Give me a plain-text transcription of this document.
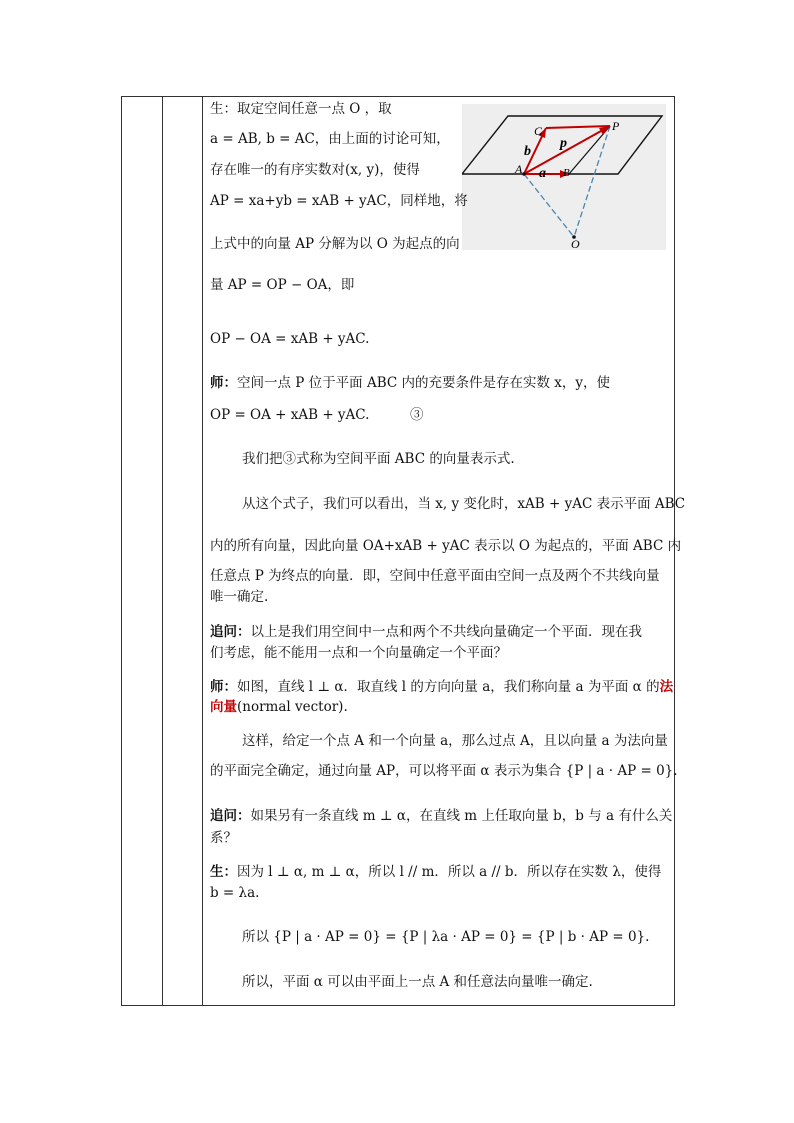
C	P
b
p
A a B
O
生：取定空间任意一点 O ，取
a = AB, b = AC，由上面的讨论可知，
存在唯一的有序实数对(x, y)，使得
AP = xa+yb = xAB + yAC，同样地，将
上式中的向量 AP 分解为以 O 为起点的向
量 AP = OP − OA，即
OP − OA = xAB + yAC.
师：空间一点 P 位于平面 ABC 内的充要条件是存在实数 x，y，使
OP = OA + xAB + yAC.　　　③
我们把③式称为空间平面 ABC 的向量表示式.
从这个式子，我们可以看出，当 x, y 变化时，xAB + yAC 表示平面 ABC
内的所有向量，因此向量 OA+xAB + yAC 表示以 O 为起点的，平面 ABC 内
任意点 P 为终点的向量．即，空间中任意平面由空间一点及两个不共线向量
唯一确定.
追问：以上是我们用空间中一点和两个不共线向量确定一个平面．现在我
们考虑，能不能用一点和一个向量确定一个平面？
师：如图，直线 l ⊥ α．取直线 l 的方向向量 a，我们称向量 a 为平面 α 的法
向量(normal vector).
这样，给定一个点 A 和一个向量 a，那么过点 A，且以向量 a 为法向量
的平面完全确定，通过向量 AP，可以将平面 α 表示为集合 {P | a · AP = 0}.
追问：如果另有一条直线 m ⊥ α，在直线 m 上任取向量 b，b 与 a 有什么关
系？
生：因为 l ⊥ α, m ⊥ α，所以 l // m．所以 a // b．所以存在实数 λ，使得
b = λa.
所以 {P | a · AP = 0} = {P | λa · AP = 0} = {P | b · AP = 0}.
所以，平面 α 可以由平面上一点 A 和任意法向量唯一确定.
